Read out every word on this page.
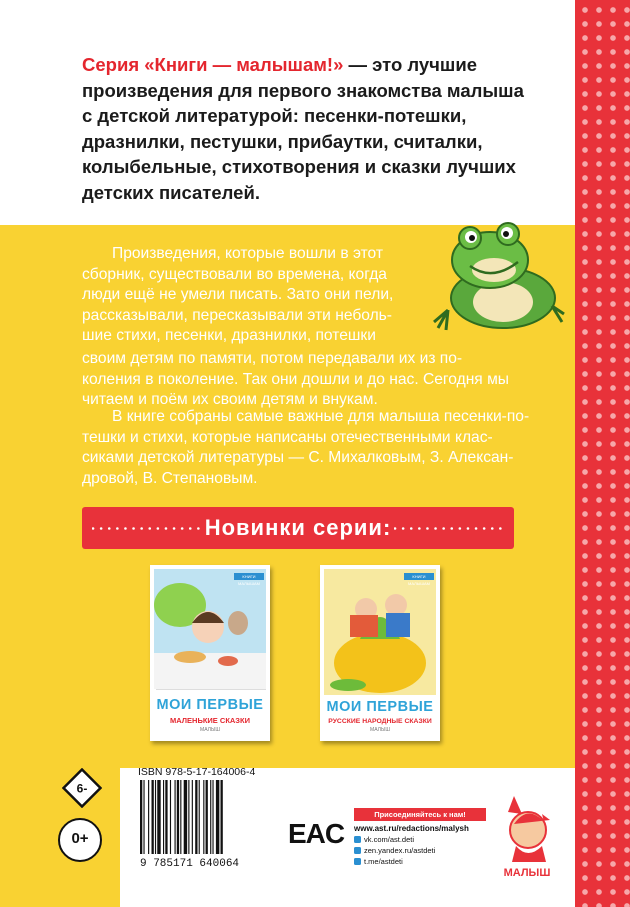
Серия «Книги — малышам!» — это лучшие
произведения для первого знакомства малыша
с детской литературой: песенки-потешки,
дразнилки, пестушки, прибаутки, считалки,
колыбельные, стихотворения и сказки лучших
детских писателей.

Произведения, которые вошли в этот
сборник, существовали во времена, когда
люди ещё не умели писать. Зато они пели,
рассказывали, пересказывали эти неболь-
шие стихи, песенки, дразнилки, потешки

своим детям по памяти, потом передавали их из по-
коления в поколение. Так они дошли и до нас. Сегодня мы
читаем и поём их своим детям и внукам.

В книге собраны самые важные для малыша песенки-по-
тешки и стихи, которые написаны отечественными клас-
сиками детской литературы — С. Михалковым, З. Алексан-
дровой, В. Степановым.

Новинки серии:
КНИГИ МАЛЫШАМ
МОИ ПЕРВЫЕ
МАЛЕНЬКИЕ СКАЗКИ
МАЛЫШ
КНИГИ МАЛЫШАМ
МОИ ПЕРВЫЕ
РУССКИЕ НАРОДНЫЕ СКАЗКИ
МАЛЫШ
6-
0+
ISBN 978-5-17-164006-4
9 785171 640064
EAC
Присоединяйтесь к нам!
www.ast.ru/redactions/malysh
vk.com/ast.deti
zen.yandex.ru/astdeti
t.me/astdeti
МАЛЫШ
